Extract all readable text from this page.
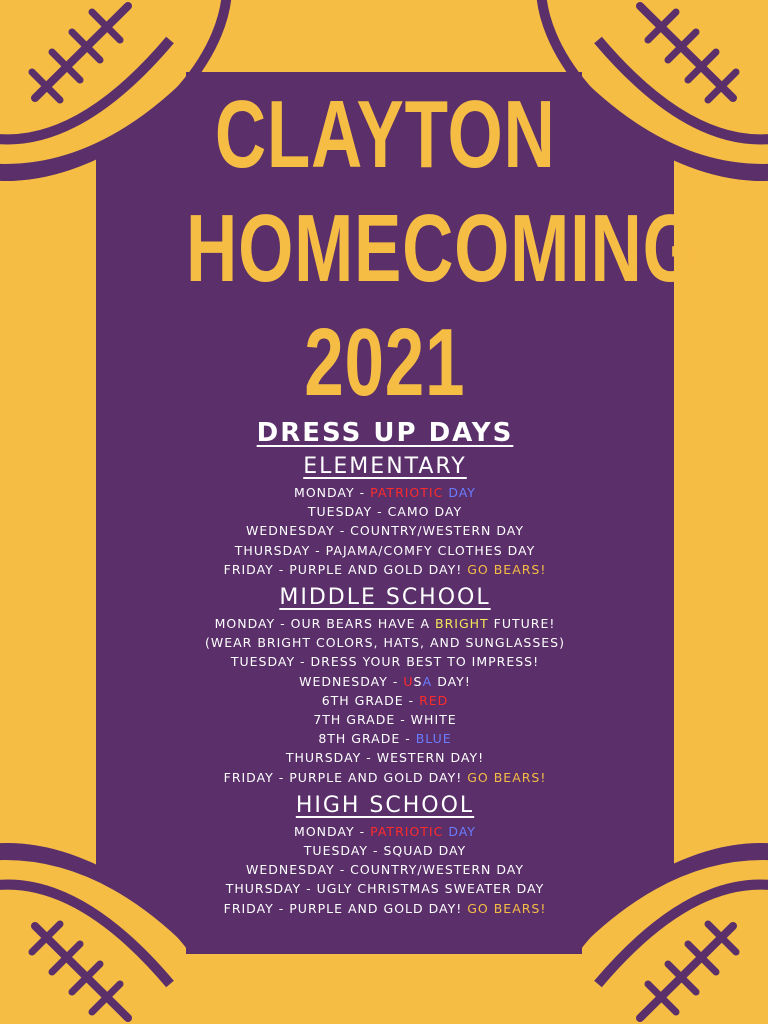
CLAYTON
HOMECOMING
2021
DRESS UP DAYS
ELEMENTARY
MONDAY - PATRIOTIC DAY
TUESDAY - CAMO DAY
WEDNESDAY - COUNTRY/WESTERN DAY
THURSDAY - PAJAMA/COMFY CLOTHES DAY
FRIDAY - PURPLE AND GOLD DAY! GO BEARS!
MIDDLE SCHOOL
MONDAY - OUR BEARS HAVE A BRIGHT FUTURE!
(WEAR BRIGHT COLORS, HATS, AND SUNGLASSES)
TUESDAY - DRESS YOUR BEST TO IMPRESS!
WEDNESDAY - USA DAY!
6TH GRADE - RED
7TH GRADE - WHITE
8TH GRADE - BLUE
THURSDAY - WESTERN DAY!
FRIDAY - PURPLE AND GOLD DAY! GO BEARS!
HIGH SCHOOL
MONDAY - PATRIOTIC DAY
TUESDAY - SQUAD DAY
WEDNESDAY - COUNTRY/WESTERN DAY
THURSDAY - UGLY CHRISTMAS SWEATER DAY
FRIDAY - PURPLE AND GOLD DAY! GO BEARS!
